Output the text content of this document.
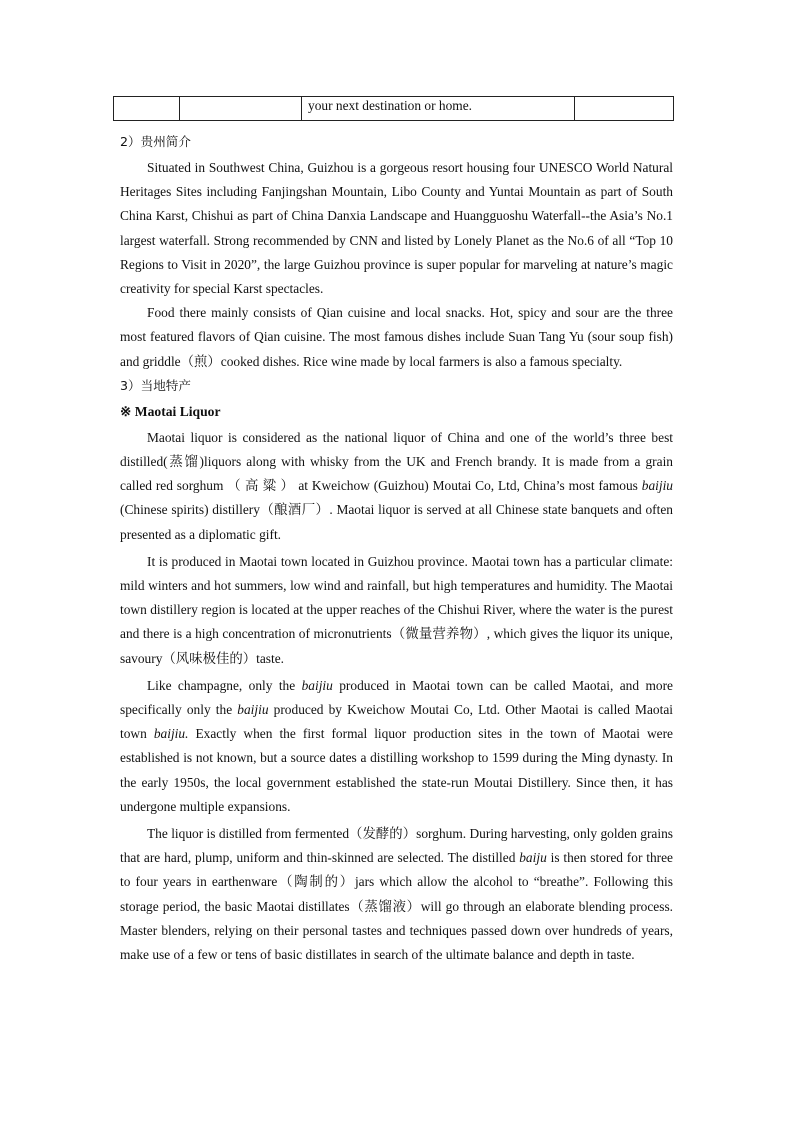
		your next destination or home.	
2）贵州简介

Situated in Southwest China, Guizhou is a gorgeous resort housing four UNESCO World Natural Heritages Sites including Fanjingshan Mountain, Libo County and Yuntai Mountain as part of South China Karst, Chishui as part of China Danxia Landscape and Huangguoshu Waterfall--the Asia’s No.1 largest waterfall. Strong recommended by CNN and listed by Lonely Planet as the No.6 of all “Top 10 Regions to Visit in 2020”, the large Guizhou province is super popular for marveling at nature’s magic creativity for special Karst spectacles.

Food there mainly consists of Qian cuisine and local snacks. Hot, spicy and sour are the three most featured flavors of Qian cuisine. The most famous dishes include Suan Tang Yu (sour soup fish) and griddle（煎）cooked dishes. Rice wine made by local farmers is also a famous specialty.

3）当地特产
※ Maotai Liquor

Maotai liquor is considered as the national liquor of China and one of the world’s three best distilled(蒸馏)liquors along with whisky from the UK and French brandy. It is made from a grain called red sorghum （ 高 粱 ） at Kweichow (Guizhou) Moutai Co, Ltd, China’s most famous baijiu (Chinese spirits) distillery（酿酒厂）. Maotai liquor is served at all Chinese state banquets and often presented as a diplomatic gift.

It is produced in Maotai town located in Guizhou province. Maotai town has a particular climate: mild winters and hot summers, low wind and rainfall, but high temperatures and humidity. The Maotai town distillery region is located at the upper reaches of the Chishui River, where the water is the purest and there is a high concentration of micronutrients（微量营养物）, which gives the liquor its unique, savoury（风味极佳的）taste.

Like champagne, only the baijiu produced in Maotai town can be called Maotai, and more specifically only the baijiu produced by Kweichow Moutai Co, Ltd. Other Maotai is called Maotai town baijiu. Exactly when the first formal liquor production sites in the town of Maotai were established is not known, but a source dates a distilling workshop to 1599 during the Ming dynasty. In the early 1950s, the local government established the state-run Moutai Distillery. Since then, it has undergone multiple expansions.

The liquor is distilled from fermented（发酵的）sorghum. During harvesting, only golden grains that are hard, plump, uniform and thin-skinned are selected. The distilled baiju is then stored for three to four years in earthenware（陶制的）jars which allow the alcohol to “breathe”. Following this storage period, the basic Maotai distillates（蒸馏液）will go through an elaborate blending process. Master blenders, relying on their personal tastes and techniques passed down over hundreds of years, make use of a few or tens of basic distillates in search of the ultimate balance and depth in taste.
